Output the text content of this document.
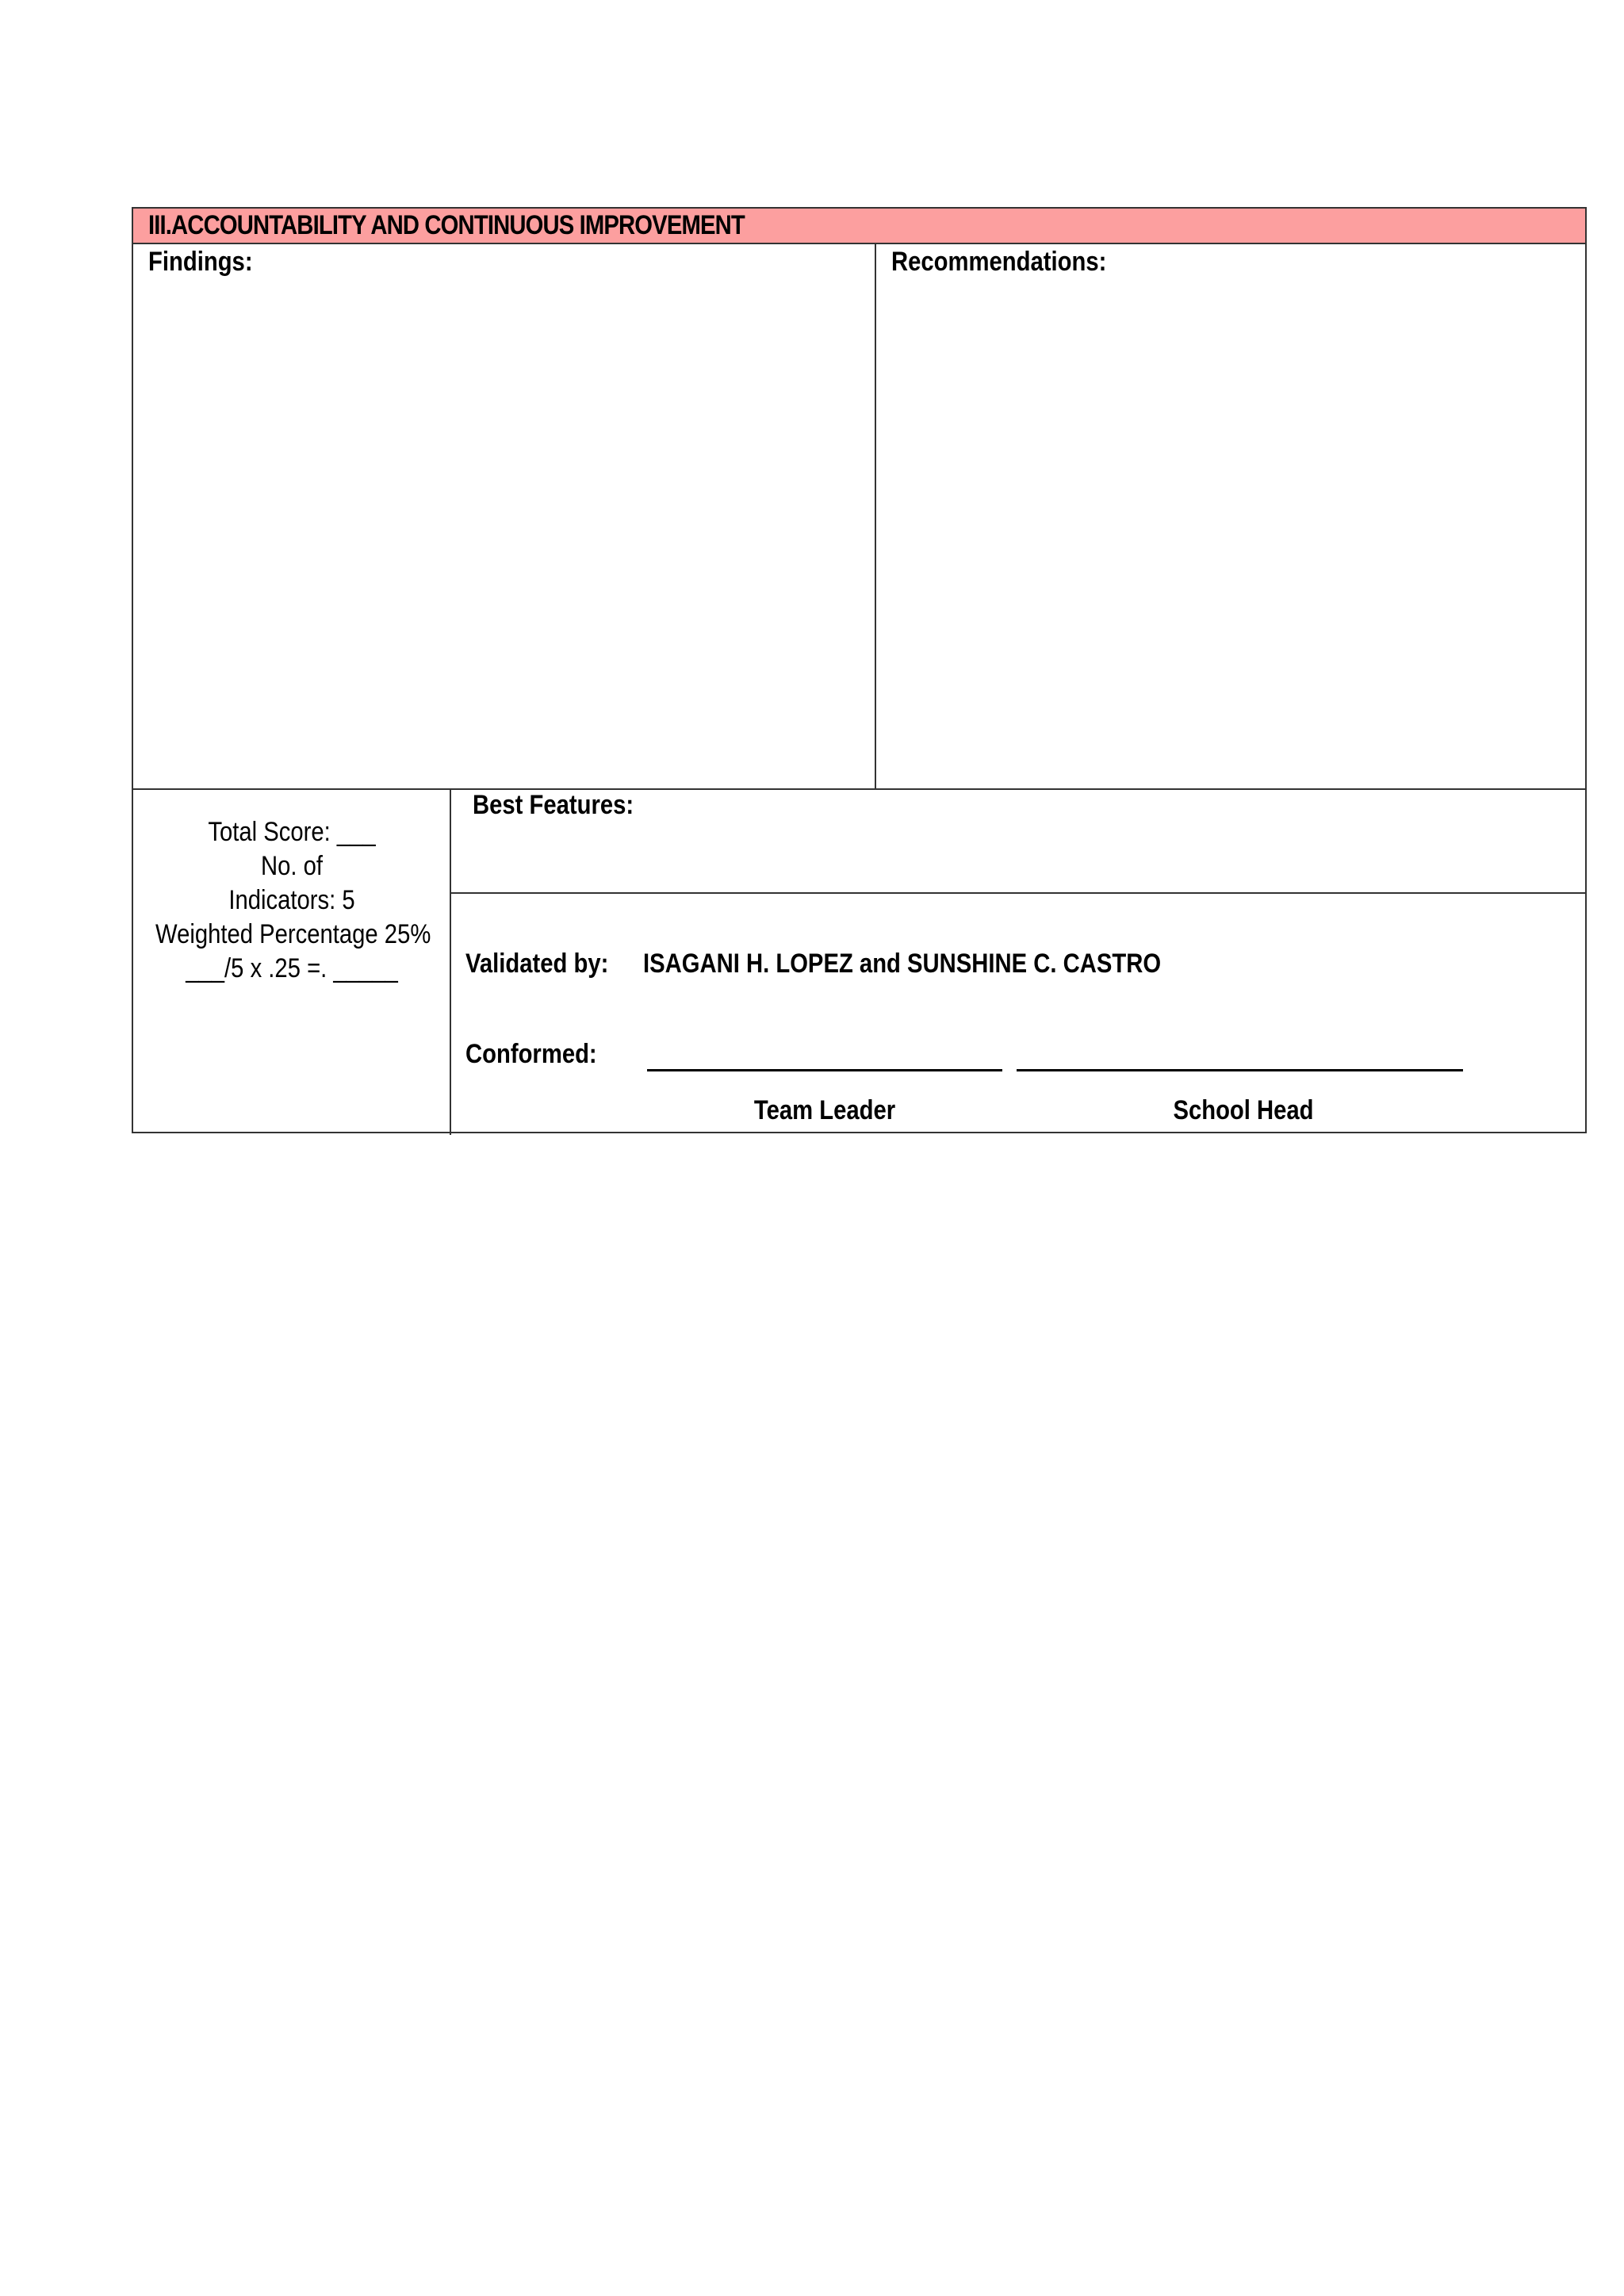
III.ACCOUNTABILITY AND CONTINUOUS IMPROVEMENT
Findings:	Recommendations:
Total Score: ___
No. of
Indicators: 5
Weighted Percentage 25%
___/5 x .25 =. _____
Best Features:
Validated by: ISAGANI H. LOPEZ and SUNSHINE C. CASTRO
Conformed:
Team Leader	School Head
